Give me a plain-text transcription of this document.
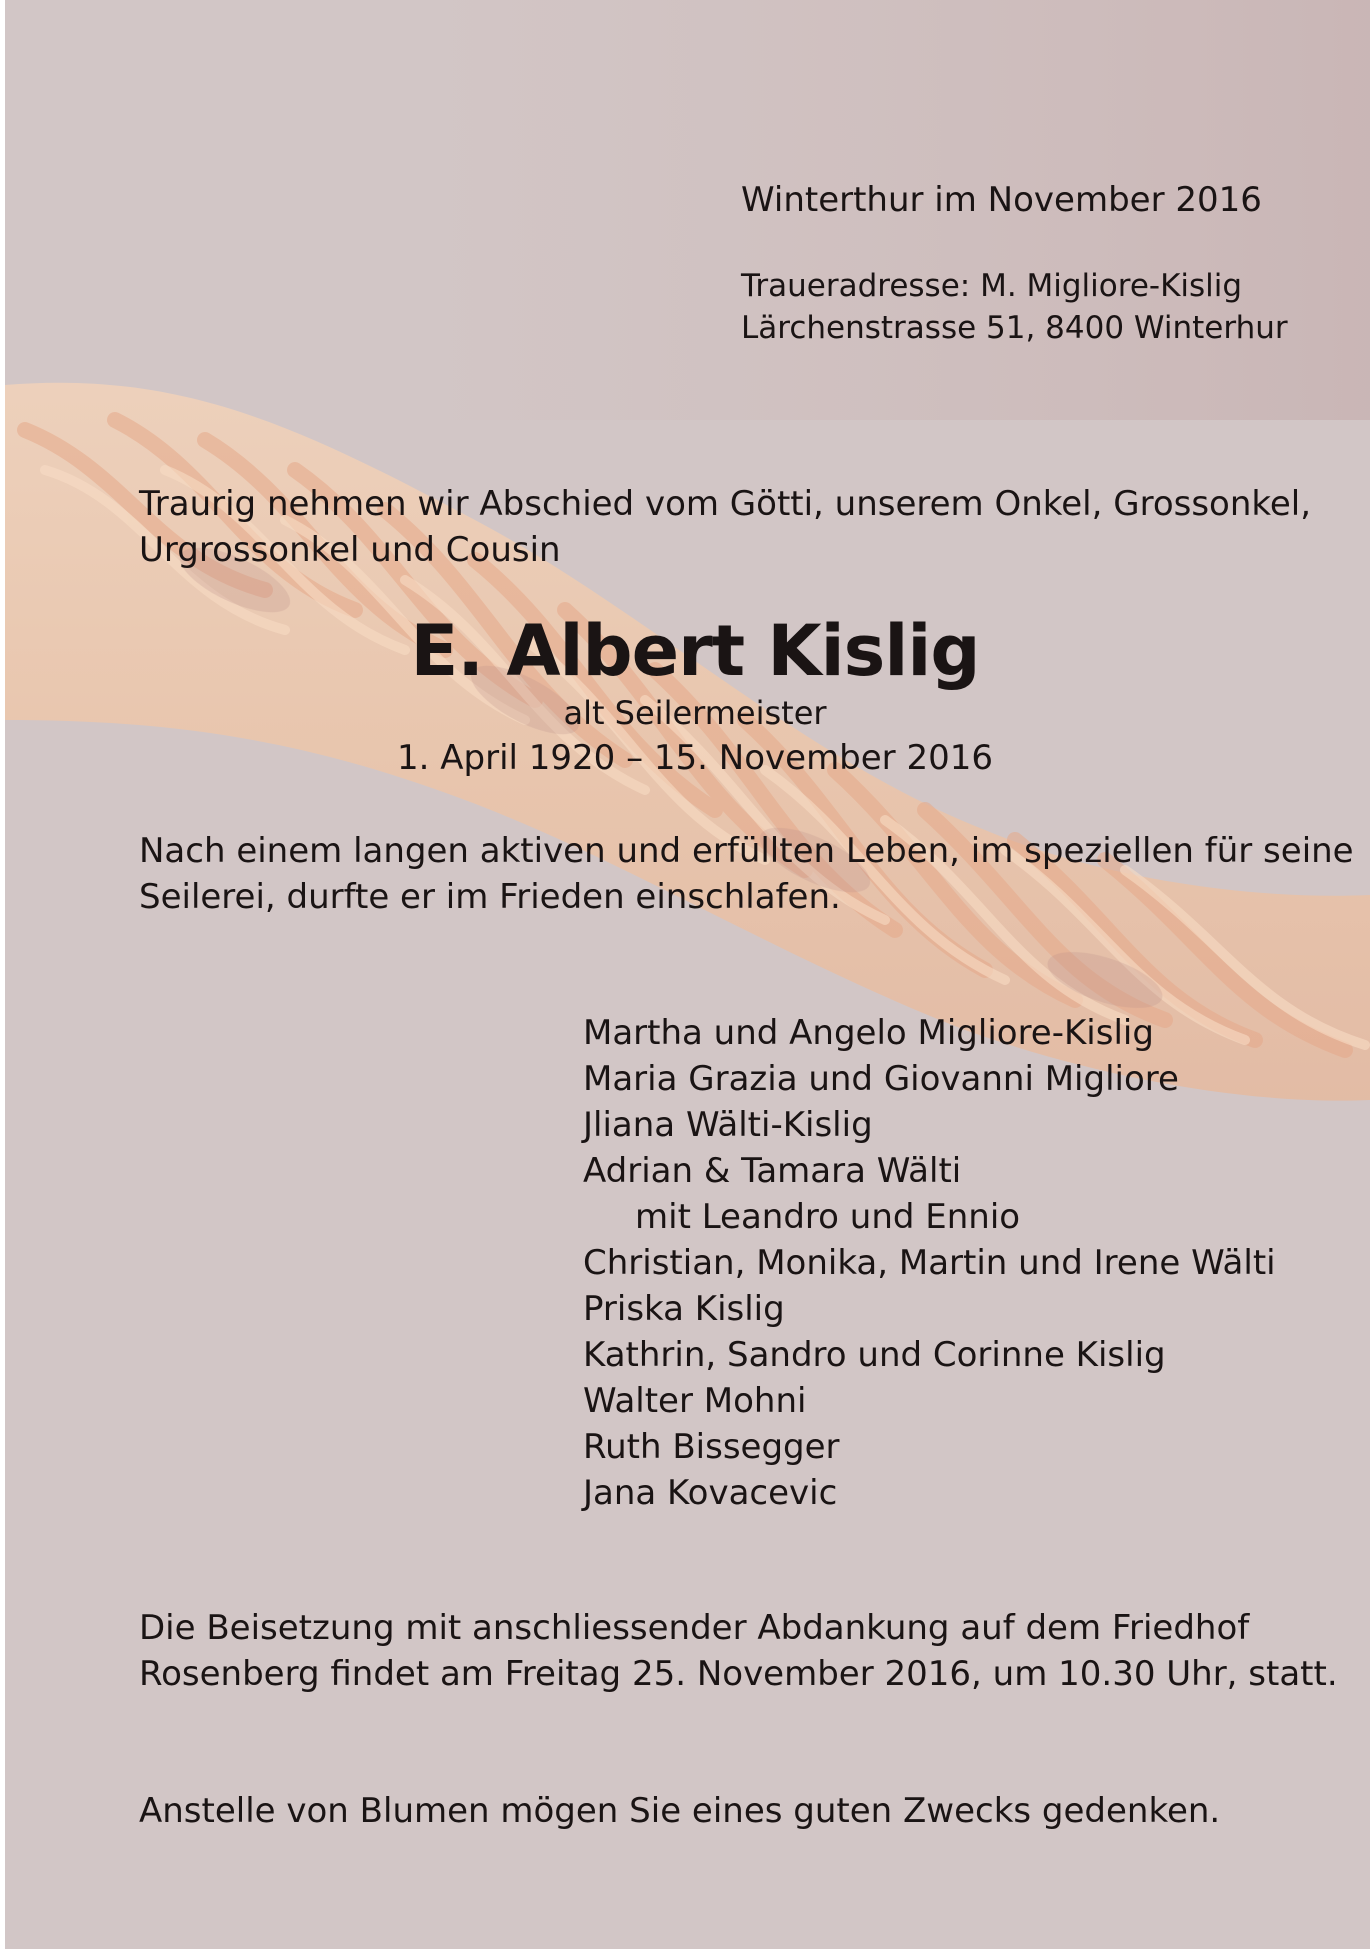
Winterthur im November 2016
Traueradresse: M. Migliore-Kislig
Lärchenstrasse 51, 8400 Winterhur
Traurig nehmen wir Abschied vom Götti, unserem Onkel, Grossonkel,
Urgrossonkel und Cousin
E. Albert Kislig
alt Seilermeister
1. April 1920 – 15. November 2016
Nach einem langen aktiven und erfüllten Leben, im speziellen für seine
Seilerei, durfte er im Frieden einschlafen.
Martha und Angelo Migliore-Kislig
Maria Grazia und Giovanni Migliore
Jliana Wälti-Kislig
Adrian & Tamara Wälti
mit Leandro und Ennio
Christian, Monika, Martin und Irene Wälti
Priska Kislig
Kathrin, Sandro und Corinne Kislig
Walter Mohni
Ruth Bissegger
Jana Kovacevic
Die Beisetzung mit anschliessender Abdankung auf dem Friedhof
Rosenberg findet am Freitag 25. November 2016, um 10.30 Uhr, statt.
Anstelle von Blumen mögen Sie eines guten Zwecks gedenken.
